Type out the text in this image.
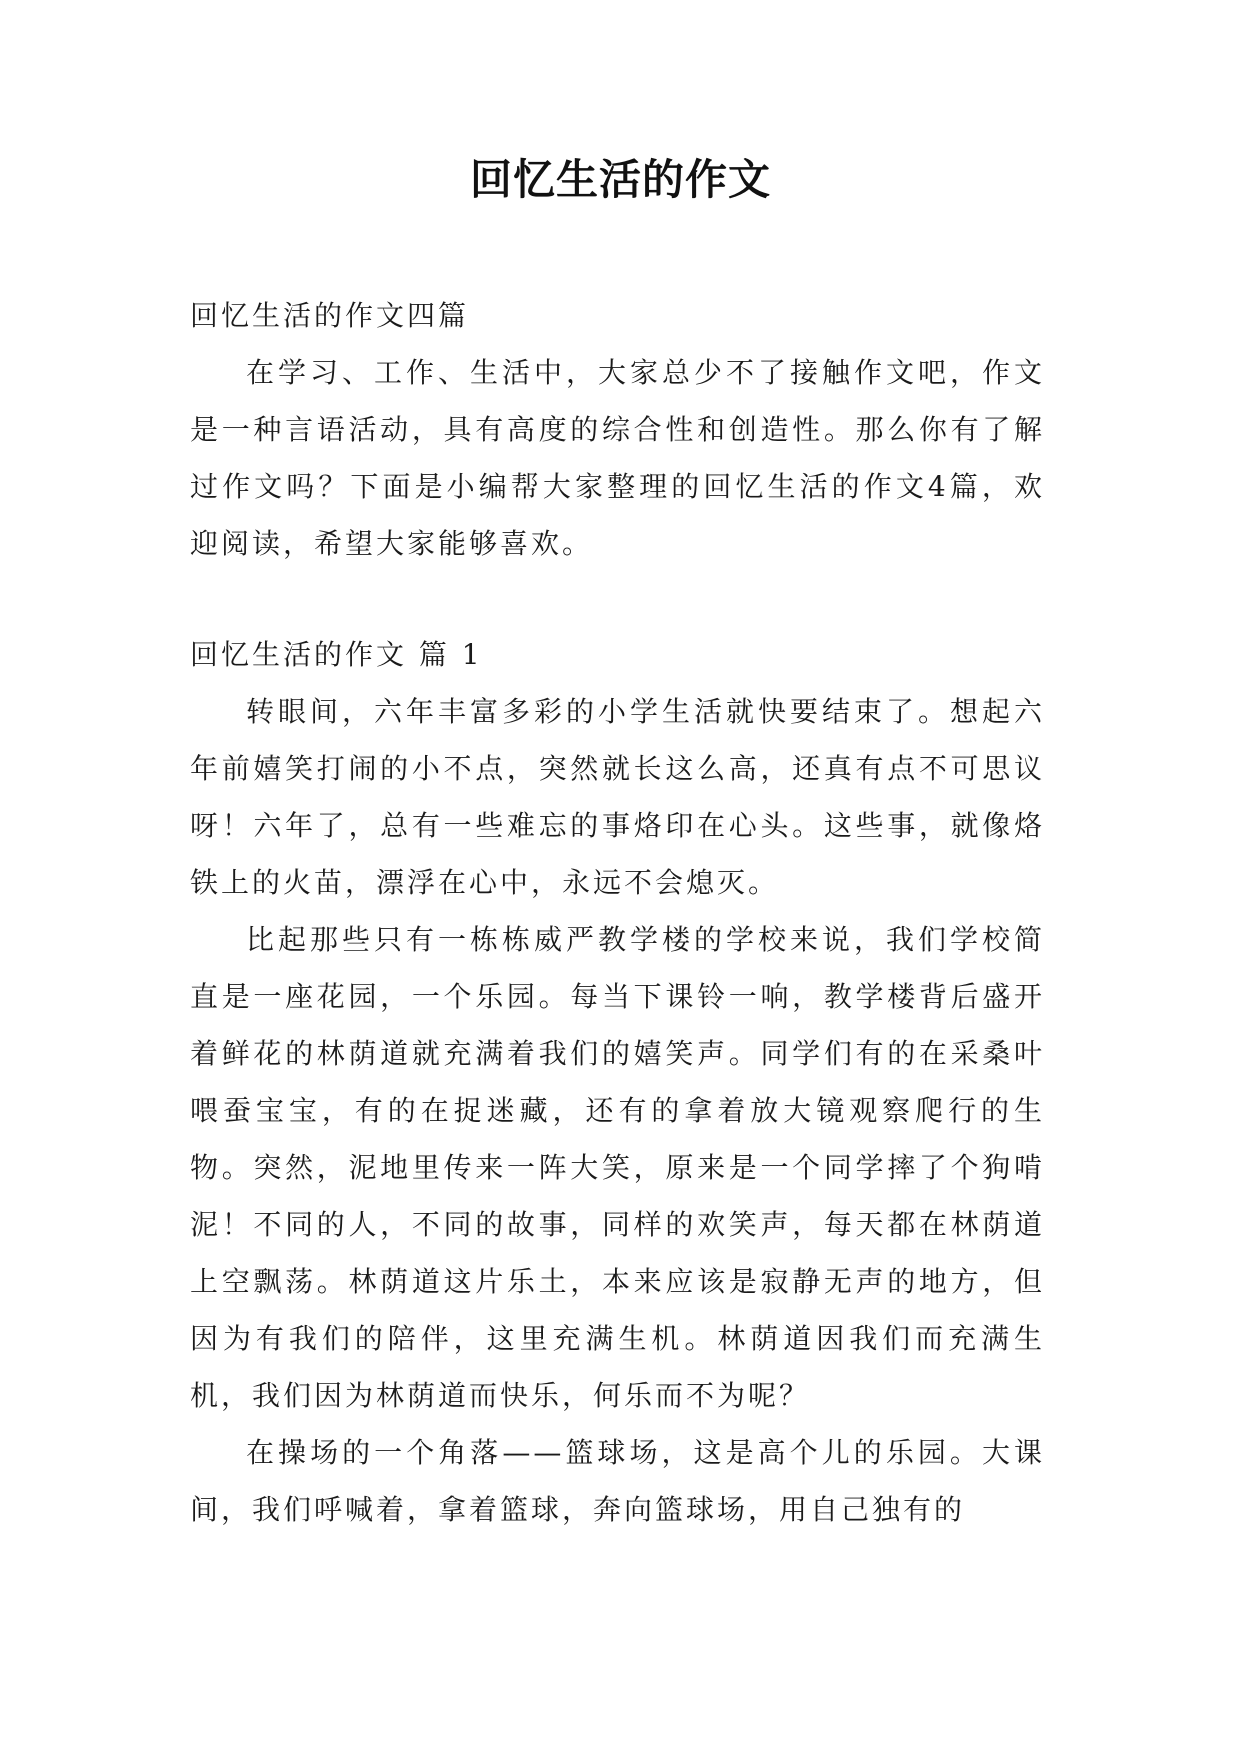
回忆生活的作文

回忆生活的作文四篇

在学习、工作、生活中，大家总少不了接触作文吧，作文是一种言语活动，具有高度的综合性和创造性。那么你有了解过作文吗？下面是小编帮大家整理的回忆生活的作文4篇，欢迎阅读，希望大家能够喜欢。

回忆生活的作文 篇 1

转眼间，六年丰富多彩的小学生活就快要结束了。想起六年前嬉笑打闹的小不点，突然就长这么高，还真有点不可思议呀！六年了，总有一些难忘的事烙印在心头。这些事，就像烙铁上的火苗，漂浮在心中，永远不会熄灭。

比起那些只有一栋栋威严教学楼的学校来说，我们学校简直是一座花园，一个乐园。每当下课铃一响，教学楼背后盛开着鲜花的林荫道就充满着我们的嬉笑声。同学们有的在采桑叶喂蚕宝宝，有的在捉迷藏，还有的拿着放大镜观察爬行的生物。突然，泥地里传来一阵大笑，原来是一个同学摔了个狗啃泥！不同的人，不同的故事，同样的欢笑声，每天都在林荫道上空飘荡。林荫道这片乐土，本来应该是寂静无声的地方，但因为有我们的陪伴，这里充满生机。林荫道因我们而充满生机，我们因为林荫道而快乐，何乐而不为呢？

在操场的一个角落——篮球场，这是高个儿的乐园。大课间，我们呼喊着，拿着篮球，奔向篮球场，用自己独有的
